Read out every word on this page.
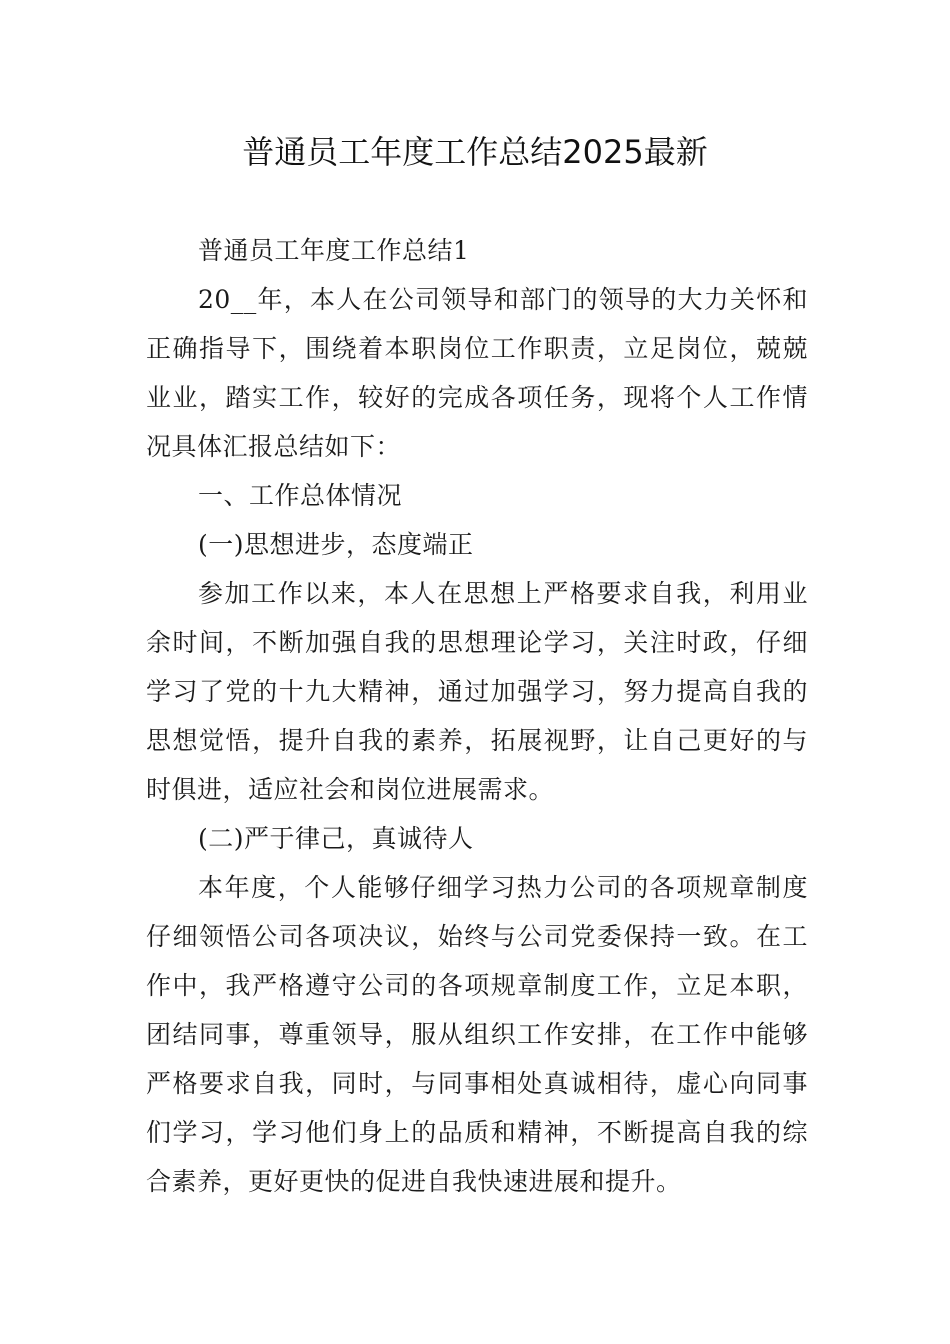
普通员工年度工作总结2025最新

普通员工年度工作总结1

20__年，本人在公司领导和部门的领导的大力关怀和正确指导下，围绕着本职岗位工作职责，立足岗位，兢兢业业，踏实工作，较好的完成各项任务，现将个人工作情况具体汇报总结如下：

一、工作总体情况

(一)思想进步，态度端正

参加工作以来，本人在思想上严格要求自我，利用业余时间，不断加强自我的思想理论学习，关注时政，仔细学习了党的十九大精神，通过加强学习，努力提高自我的思想觉悟，提升自我的素养，拓展视野，让自己更好的与时俱进，适应社会和岗位进展需求。

(二)严于律己，真诚待人

本年度，个人能够仔细学习热力公司的各项规章制度仔细领悟公司各项决议，始终与公司党委保持一致。在工作中，我严格遵守公司的各项规章制度工作，立足本职，团结同事，尊重领导，服从组织工作安排，在工作中能够严格要求自我，同时，与同事相处真诚相待，虚心向同事们学习，学习他们身上的品质和精神，不断提高自我的综合素养，更好更快的促进自我快速进展和提升。
